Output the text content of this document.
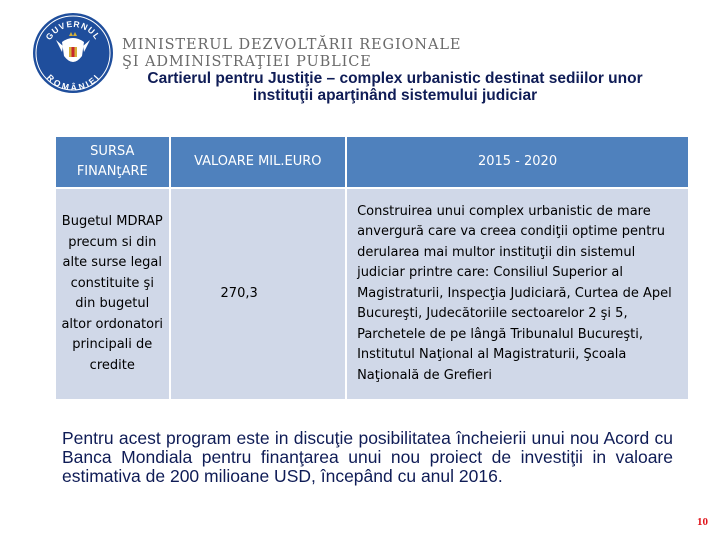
GUVERNUL
ROMÂNIEI
MINISTERUL DEZVOLTĂRII REGIONALE
ŞI ADMINISTRAŢIEI PUBLICE
Cartierul pentru Justiţie – complex urbanistic destinat sediilor unor
instituţii aparţinând sistemului judiciar
SURSA FINANţARE	VALOARE MIL.EURO	2015 - 2020
Bugetul MDRAP precum si din alte surse legal constituite şi din bugetul altor ordonatori principali de credite	270,3	Construirea unui complex urbanistic de mare anvergură care va creea condiţii optime pentru derularea mai multor instituţii din sistemul judiciar printre care: Consiliul Superior al Magistraturii, Inspecţia Judiciară, Curtea de Apel Bucureşti, Judecătoriile sectoarelor 2 şi 5, Parchetele de pe lângă Tribunalul Bucureşti, Institutul Naţional al Magistraturii, Şcoala Naţională de Grefieri
Pentru acest program este in discuţie posibilitatea încheierii unui nou Acord cu Banca Mondiala pentru finanţarea unui nou proiect de investiţii in valoare estimativa de 200 milioane USD, începând cu anul 2016.
10
